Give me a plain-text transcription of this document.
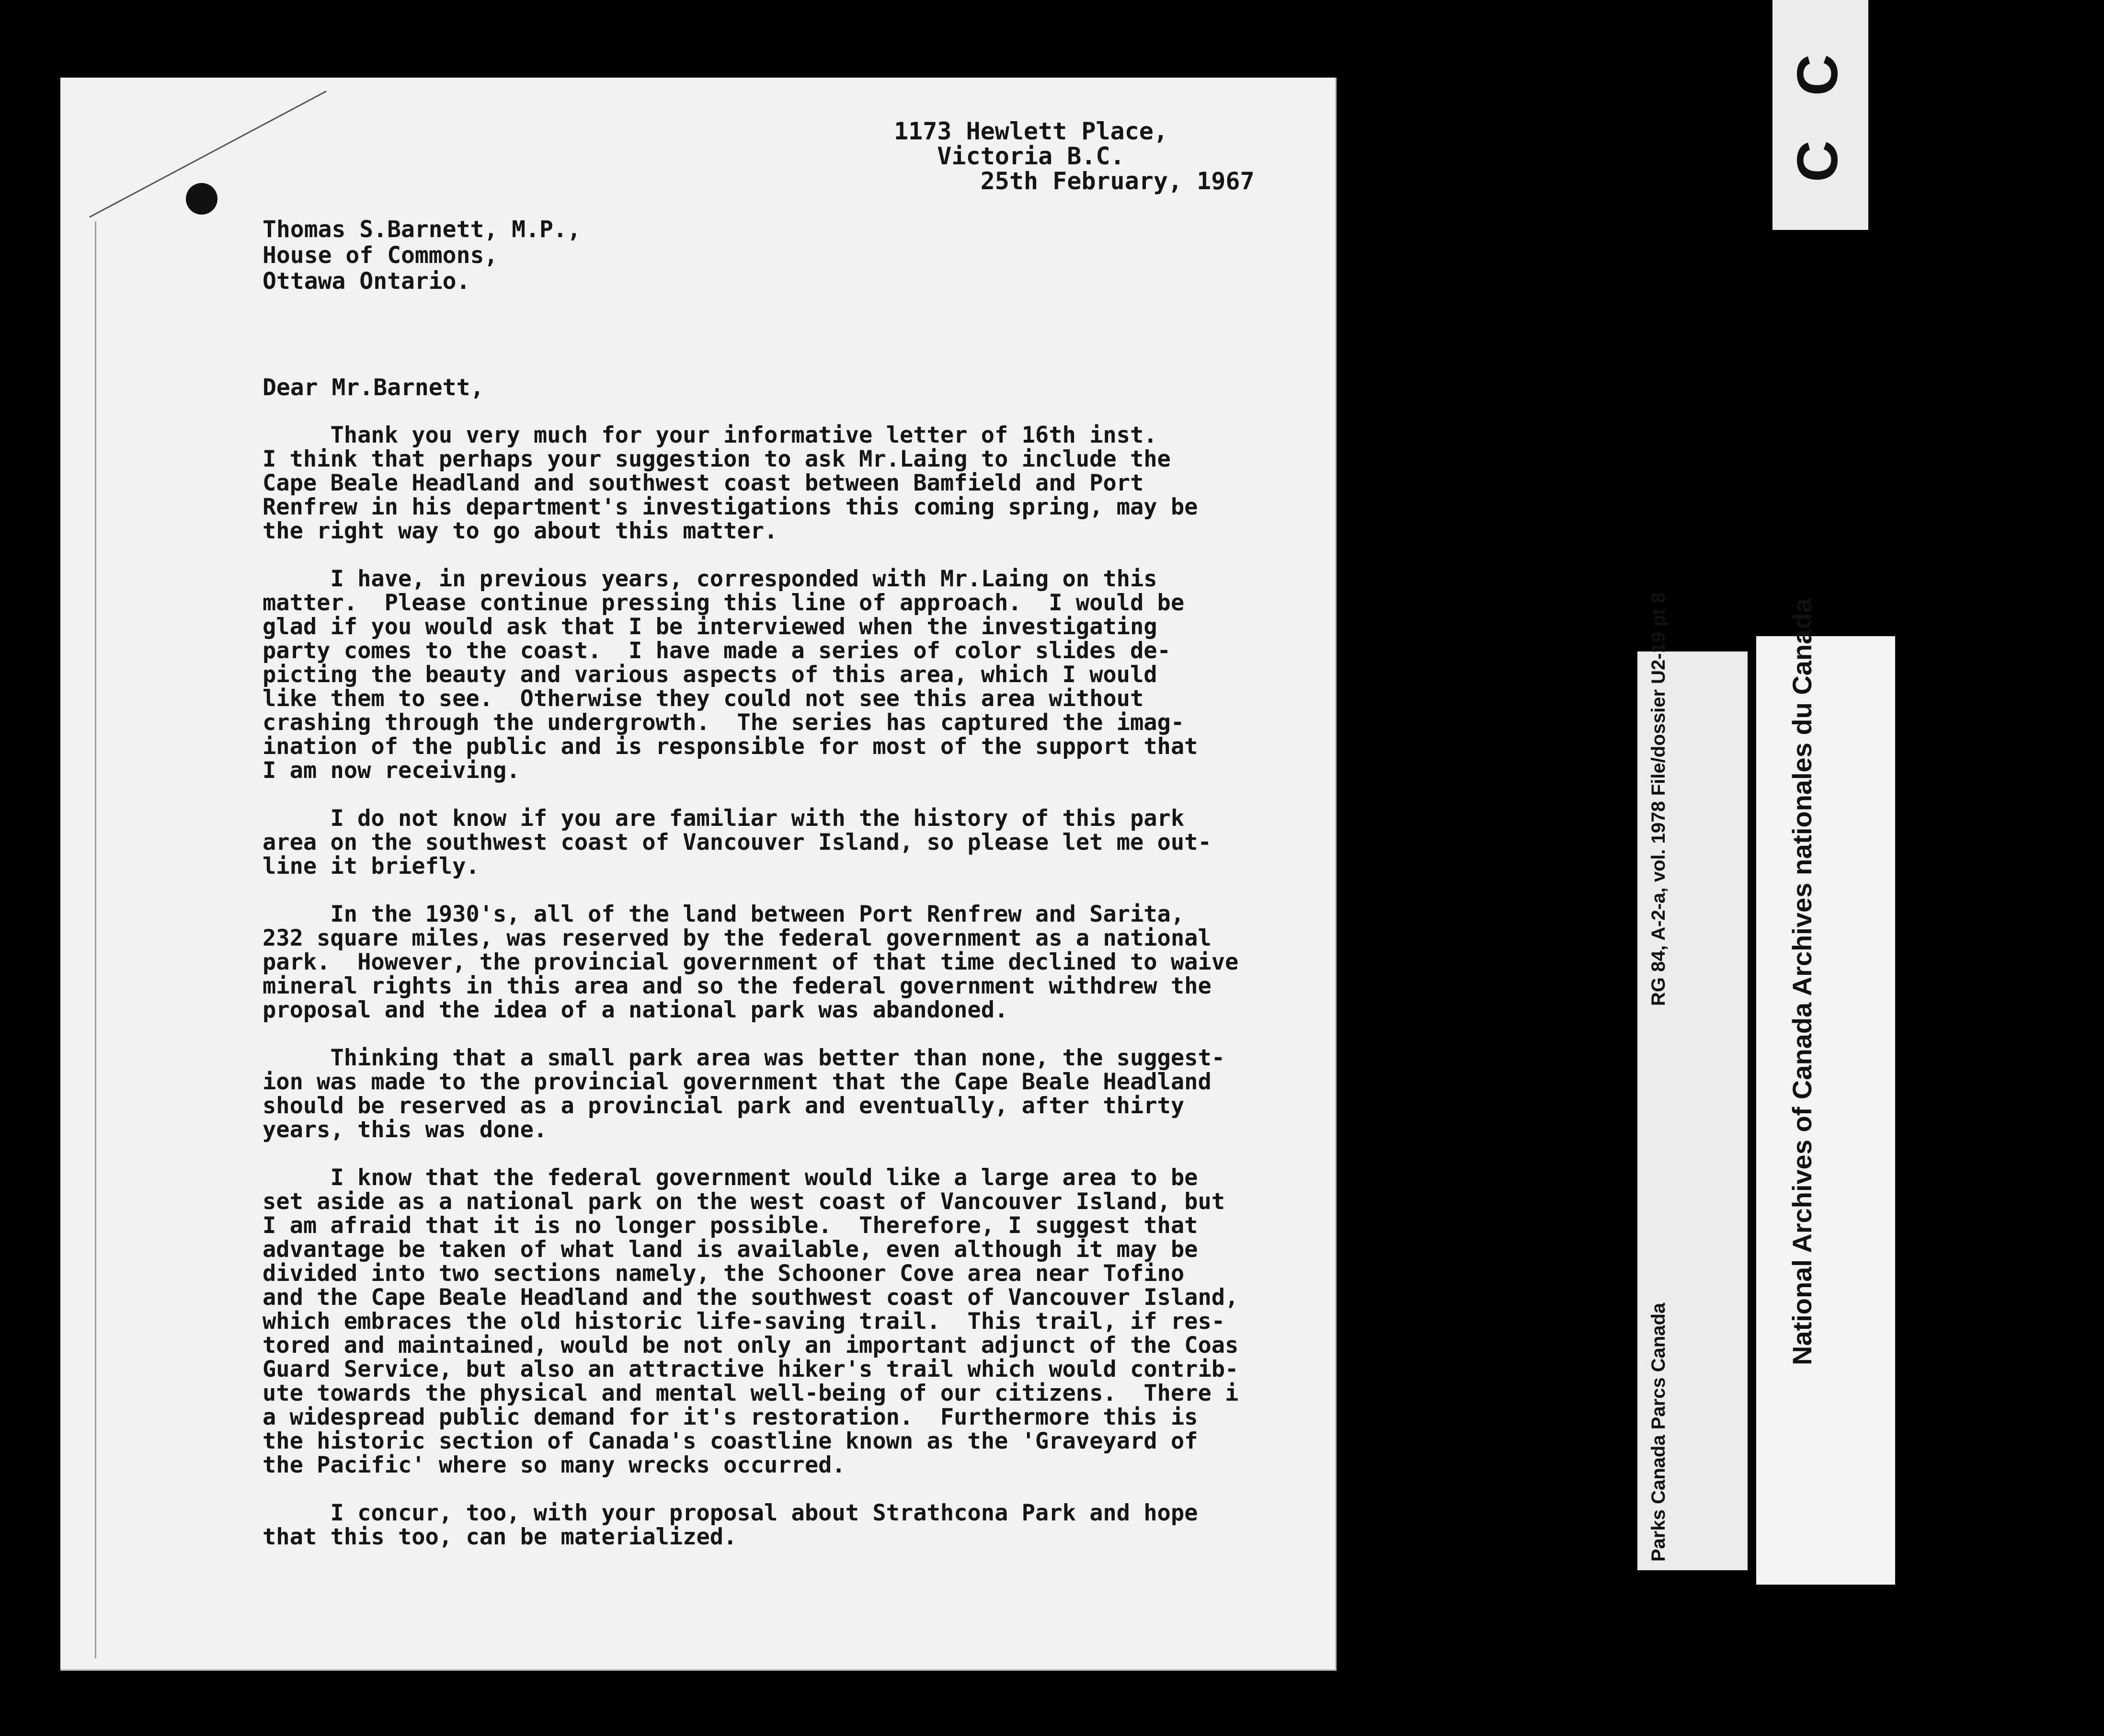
1173 Hewlett Place,
Victoria B.C.
25th February, 1967
Thomas S.Barnett, M.P.,
House of Commons,
Ottawa Ontario.
Dear Mr.Barnett,
Thank you very much for your informative letter of 16th inst.
I think that perhaps your suggestion to ask Mr.Laing to include the
Cape Beale Headland and southwest coast between Bamfield and Port
Renfrew in his department's investigations this coming spring, may be
the right way to go about this matter.

I have, in previous years, corresponded with Mr.Laing on this
matter.  Please continue pressing this line of approach.  I would be
glad if you would ask that I be interviewed when the investigating
party comes to the coast.  I have made a series of color slides de-
picting the beauty and various aspects of this area, which I would
like them to see.  Otherwise they could not see this area without
crashing through the undergrowth.  The series has captured the imag-
ination of the public and is responsible for most of the support that
I am now receiving.

I do not know if you are familiar with the history of this park
area on the southwest coast of Vancouver Island, so please let me out-
line it briefly.

In the 1930's, all of the land between Port Renfrew and Sarita,
232 square miles, was reserved by the federal government as a national
park.  However, the provincial government of that time declined to waive
mineral rights in this area and so the federal government withdrew the
proposal and the idea of a national park was abandoned.

Thinking that a small park area was better than none, the suggest-
ion was made to the provincial government that the Cape Beale Headland
should be reserved as a provincial park and eventually, after thirty
years, this was done.

I know that the federal government would like a large area to be
set aside as a national park on the west coast of Vancouver Island, but
I am afraid that it is no longer possible.  Therefore, I suggest that
advantage be taken of what land is available, even although it may be
divided into two sections namely, the Schooner Cove area near Tofino
and the Cape Beale Headland and the southwest coast of Vancouver Island,
which embraces the old historic life-saving trail.  This trail, if res-
tored and maintained, would be not only an important adjunct of the Coas
Guard Service, but also an attractive hiker's trail which would contrib-
ute towards the physical and mental well-being of our citizens.  There i
a widespread public demand for it's restoration.  Furthermore this is
the historic section of Canada's coastline known as the 'Graveyard of
the Pacific' where so many wrecks occurred.

I concur, too, with your proposal about Strathcona Park and hope
that this too, can be materialized.
C C
RG 84, A-2-a, vol. 1978 File/dossier U2-19 pt 8
Parks Canada Parcs Canada
National Archives of Canada Archives nationales du Canada
